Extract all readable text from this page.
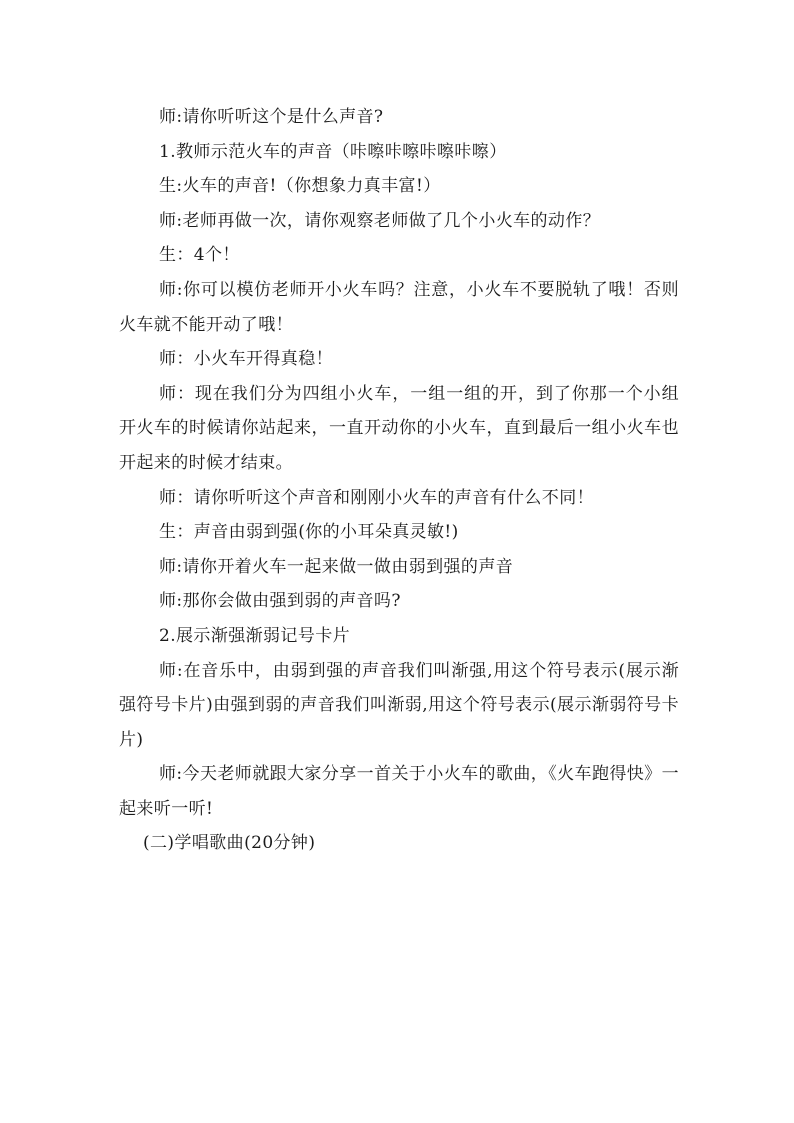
师:请你听听这个是什么声音?

1.教师示范火车的声音（咔嚓咔嚓咔嚓咔嚓）

生:火车的声音!（你想象力真丰富!）

师:老师再做一次，请你观察老师做了几个小火车的动作？

生：4个！

师:你可以模仿老师开小火车吗？注意，小火车不要脱轨了哦！否则火车就不能开动了哦！

师：小火车开得真稳！

师：现在我们分为四组小火车，一组一组的开，到了你那一个小组开火车的时候请你站起来，一直开动你的小火车，直到最后一组小火车也开起来的时候才结束。

师：请你听听这个声音和刚刚小火车的声音有什么不同！

生：声音由弱到强(你的小耳朵真灵敏!)

师:请你开着火车一起来做一做由弱到强的声音

师:那你会做由强到弱的声音吗?

2.展示渐强渐弱记号卡片

师:在音乐中，由弱到强的声音我们叫渐强,用这个符号表示(展示渐强符号卡片)由强到弱的声音我们叫渐弱,用这个符号表示(展示渐弱符号卡片)

师:今天老师就跟大家分享一首关于小火车的歌曲，《火车跑得快》一起来听一听!

(二)学唱歌曲(20分钟)
